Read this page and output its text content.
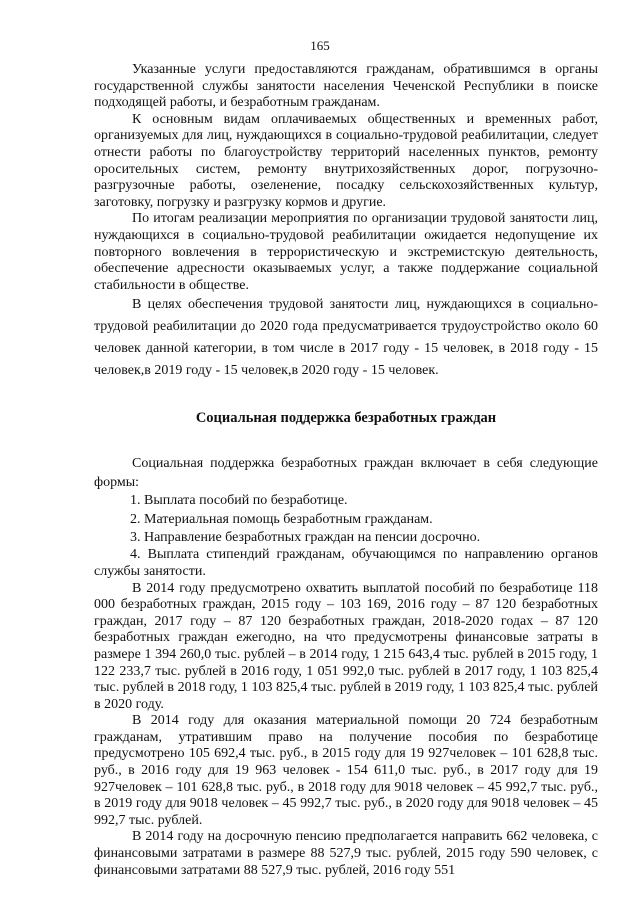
165

Указанные услуги предоставляются гражданам, обратившимся в органы государственной службы занятости населения Чеченской Республики в поиске подходящей работы, и безработным гражданам.

К основным видам оплачиваемых общественных и временных работ, организуемых для лиц, нуждающихся в социально-трудовой реабилитации, следует отнести работы по благоустройству территорий населенных пунктов, ремонту оросительных систем, ремонту внутрихозяйственных дорог, погрузочно-разгрузочные работы, озеленение, посадку сельскохозяйственных культур, заготовку, погрузку и разгрузку кормов и другие.

По итогам реализации мероприятия по организации трудовой занятости лиц, нуждающихся в социально-трудовой реабилитации ожидается недопущение их повторного вовлечения в террористическую и экстремистскую деятельность, обеспечение адресности оказываемых услуг, а также поддержание социальной стабильности в обществе.

В целях обеспечения трудовой занятости лиц, нуждающихся в социально-трудовой реабилитации до 2020 года предусматривается трудоустройство около 60 человек данной категории, в том числе в 2017 году - 15 человек, в 2018 году - 15 человек,в 2019 году - 15 человек,в 2020 году - 15 человек.

Социальная поддержка безработных граждан

Социальная поддержка безработных граждан включает в себя следующие формы:

1. Выплата пособий по безработице.

2. Материальная помощь безработным гражданам.

3. Направление безработных граждан на пенсии досрочно.

4. Выплата стипендий гражданам, обучающимся по направлению органов службы занятости.

В 2014 году предусмотрено охватить выплатой пособий по безработице 118 000 безработных граждан, 2015 году – 103 169, 2016 году – 87 120 безработных граждан, 2017 году – 87 120 безработных граждан, 2018-2020 годах – 87 120 безработных граждан ежегодно, на что предусмотрены финансовые затраты в размере 1 394 260,0 тыс. рублей – в 2014 году, 1 215 643,4 тыс. рублей в 2015 году, 1 122 233,7 тыс. рублей в 2016 году, 1 051 992,0 тыс. рублей в 2017 году, 1 103 825,4 тыс. рублей в 2018 году, 1 103 825,4 тыс. рублей в 2019 году, 1 103 825,4 тыс. рублей в 2020 году.

В 2014 году для оказания материальной помощи 20 724 безработным гражданам, утратившим право на получение пособия по безработице предусмотрено 105 692,4 тыс. руб., в 2015 году для 19 927человек – 101 628,8 тыс. руб., в 2016 году для 19 963 человек - 154 611,0 тыс. руб., в 2017 году для 19 927человек – 101 628,8 тыс. руб., в 2018 году для 9018 человек – 45 992,7 тыс. руб., в 2019 году для 9018 человек – 45 992,7 тыс. руб., в 2020 году для 9018 человек – 45 992,7 тыс. рублей.

В 2014 году на досрочную пенсию предполагается направить 662 человека, с финансовыми затратами в размере 88 527,9 тыс. рублей, 2015 году 590 человек, с финансовыми затратами 88 527,9 тыс. рублей, 2016 году 551
